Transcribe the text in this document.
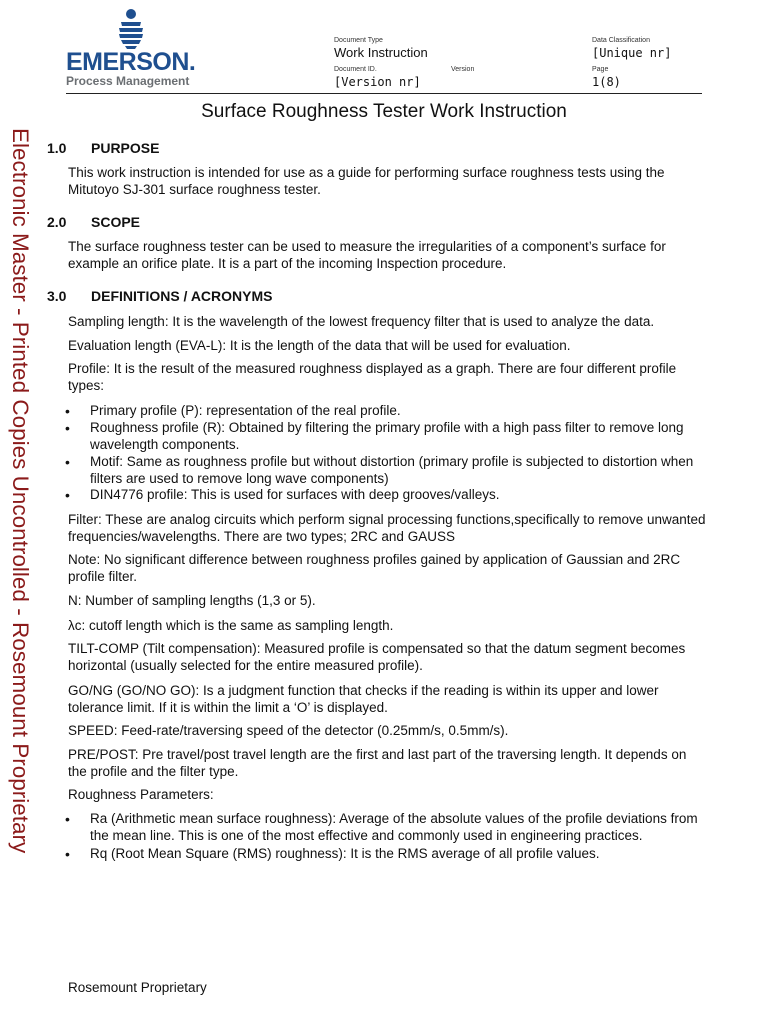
EMERSON.
Process Management
Document Type
Work Instruction
Data Classification
[Unique nr]
Document ID.
[Version nr]
Version	Page
1(8)
Surface Roughness Tester Work Instruction
Electronic Master - Printed Copies Uncontrolled - Rosemount Proprietary 1.0 PURPOSE
This work instruction is intended for use as a guide for performing surface roughness tests using the Mitutoyo SJ-301 surface roughness tester.
2.0 SCOPE
The surface roughness tester can be used to measure the irregularities of a component’s surface for example an orifice plate. It is a part of the incoming Inspection procedure.
3.0 DEFINITIONS / ACRONYMS
Sampling length: It is the wavelength of the lowest frequency filter that is used to analyze the data.
Evaluation length (EVA-L): It is the length of the data that will be used for evaluation.
Profile: It is the result of the measured roughness displayed as a graph. There are four different profile types:
• Primary profile (P): representation of the real profile.
• Roughness profile (R): Obtained by filtering the primary profile with a high pass filter to remove long wavelength components.
• Motif: Same as roughness profile but without distortion (primary profile is subjected to distortion when filters are used to remove long wave components)
• DIN4776 profile: This is used for surfaces with deep grooves/valleys.
Filter: These are analog circuits which perform signal processing functions,specifically to remove unwanted frequencies/wavelengths. There are two types; 2RC and GAUSS
Note: No significant difference between roughness profiles gained by application of Gaussian and 2RC profile filter.
N: Number of sampling lengths (1,3 or 5).
λc: cutoff length which is the same as sampling length.
TILT-COMP (Tilt compensation): Measured profile is compensated so that the datum segment becomes horizontal (usually selected for the entire measured profile).
GO/NG (GO/NO GO): Is a judgment function that checks if the reading is within its upper and lower tolerance limit. If it is within the limit a ‘O’ is displayed.
SPEED: Feed-rate/traversing speed of the detector (0.25mm/s, 0.5mm/s).
PRE/POST: Pre travel/post travel length are the first and last part of the traversing length. It depends on the profile and the filter type.
Roughness Parameters:
• Ra (Arithmetic mean surface roughness): Average of the absolute values of the profile deviations from the mean line. This is one of the most effective and commonly used in engineering practices.
• Rq (Root Mean Square (RMS) roughness): It is the RMS average of all profile values.
Rosemount Proprietary
